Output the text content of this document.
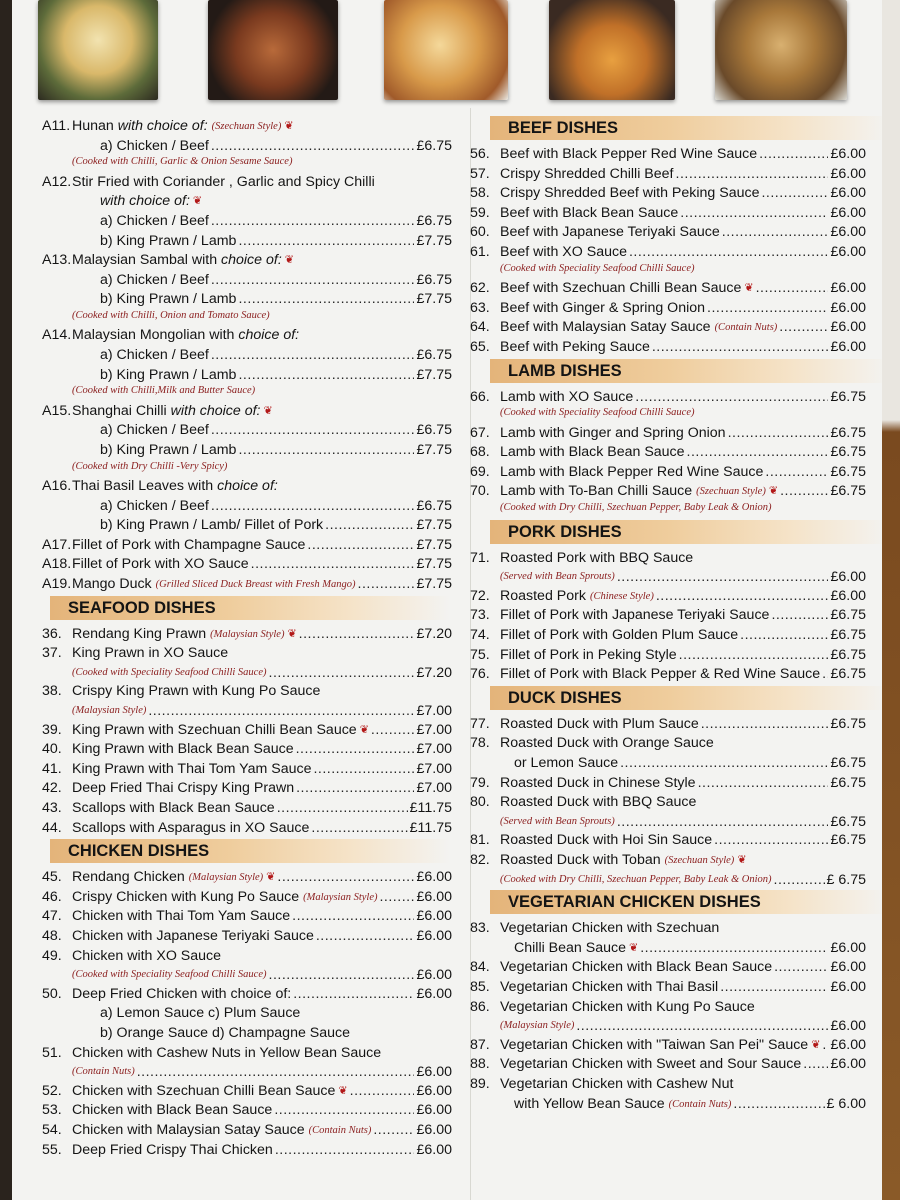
A11. Hunan with choice of: (Szechuan Style) ❦
a) Chicken / Beef .....	£6.75
(Cooked with Chilli, Garlic & Onion Sesame Sauce)
A12. Stir Fried with Coriander , Garlic and Spicy Chilli
with choice of: ❦
a) Chicken / Beef .....	£6.75
b) King Prawn / Lamb .....	£7.75
A13. Malaysian Sambal with choice of: ❦
a) Chicken / Beef .....	£6.75
b) King Prawn / Lamb .....	£7.75
(Cooked with Chilli, Onion and Tomato Sauce)
A14. Malaysian Mongolian with choice of:
a) Chicken / Beef .....	£6.75
b) King Prawn / Lamb .....	£7.75
(Cooked with Chilli,Milk and Butter Sauce)
A15. Shanghai Chilli with choice of: ❦
a) Chicken / Beef .....	£6.75
b) King Prawn / Lamb .....	£7.75
(Cooked with Dry Chilli -Very Spicy)
A16. Thai Basil Leaves with choice of:
a) Chicken / Beef .....	£6.75
b) King Prawn / Lamb/ Fillet of Pork .....	£7.75
A17. Fillet of Pork with Champagne Sauce .....	£7.75
A18. Fillet of Pork with XO Sauce .....	£7.75
A19. Mango Duck (Grilled Sliced Duck Breast with Fresh Mango) .....	£7.75
SEAFOOD DISHES
36. Rendang King Prawn (Malaysian Style) ❦ .....	£7.20
37. King Prawn in XO Sauce
(Cooked with Speciality Seafood Chilli Sauce) .....	£7.20
38. Crispy King Prawn with Kung Po Sauce
(Malaysian Style) .....	£7.00
39. King Prawn with Szechuan Chilli Bean Sauce ❦ .....	£7.00
40. King Prawn with Black Bean Sauce .....	£7.00
41. King Prawn with Thai Tom Yam Sauce .....	£7.00
42. Deep Fried Thai Crispy King Prawn .....	£7.00
43. Scallops with Black Bean Sauce .....	£11.75
44. Scallops with Asparagus in XO Sauce .....	£11.75
CHICKEN DISHES
45. Rendang Chicken (Malaysian Style) ❦ .....	£6.00
46. Crispy Chicken with Kung Po Sauce (Malaysian Style) .....	£6.00
47. Chicken with Thai Tom Yam Sauce .....	£6.00
48. Chicken with Japanese Teriyaki Sauce .....	£6.00
49. Chicken with XO Sauce
(Cooked with Speciality Seafood Chilli Sauce) .....	£6.00
50. Deep Fried Chicken with choice of: .....	£6.00
a) Lemon Sauce c) Plum Sauce
b) Orange Sauce d) Champagne Sauce
51. Chicken with Cashew Nuts in Yellow Bean Sauce
(Contain Nuts) .....	£6.00
52. Chicken with Szechuan Chilli Bean Sauce ❦ .....	£6.00
53. Chicken with Black Bean Sauce .....	£6.00
54. Chicken with Malaysian Satay Sauce (Contain Nuts) .....	£6.00
55. Deep Fried Crispy Thai Chicken .....	£6.00
BEEF DISHES
56. Beef with Black Pepper Red Wine Sauce .....	£6.00
57. Crispy Shredded Chilli Beef .....	£6.00
58. Crispy Shredded Beef with Peking Sauce .....	£6.00
59. Beef with Black Bean Sauce .....	£6.00
60. Beef with Japanese Teriyaki Sauce .....	£6.00
61. Beef with XO Sauce .....	£6.00
(Cooked with Speciality Seafood Chilli Sauce)
62. Beef with Szechuan Chilli Bean Sauce ❦ .....	£6.00
63. Beef with Ginger & Spring Onion .....	£6.00
64. Beef with Malaysian Satay Sauce (Contain Nuts) .....	£6.00
65. Beef with Peking Sauce .....	£6.00
LAMB DISHES
66. Lamb with XO Sauce .....	£6.75
(Cooked with Speciality Seafood Chilli Sauce)
67. Lamb with Ginger and Spring Onion .....	£6.75
68. Lamb with Black Bean Sauce .....	£6.75
69. Lamb with Black Pepper Red Wine Sauce .....	£6.75
70. Lamb with To-Ban Chilli Sauce (Szechuan Style) ❦ .....	£6.75
(Cooked with Dry Chilli, Szechuan Pepper, Baby Leak & Onion)
PORK DISHES
71. Roasted Pork with BBQ Sauce
(Served with Bean Sprouts) .....	£6.00
72. Roasted Pork (Chinese Style) .....	£6.00
73. Fillet of Pork with Japanese Teriyaki Sauce .....	£6.75
74. Fillet of Pork with Golden Plum Sauce .....	£6.75
75. Fillet of Pork in Peking Style .....	£6.75
76. Fillet of Pork with Black Pepper & Red Wine Sauce ..... £6.75
DUCK DISHES
77. Roasted Duck with Plum Sauce .....	£6.75
78. Roasted Duck with Orange Sauce
or Lemon Sauce .....	£6.75
79. Roasted Duck in Chinese Style .....	£6.75
80. Roasted Duck with BBQ Sauce
(Served with Bean Sprouts) .....	£6.75
81. Roasted Duck with Hoi Sin Sauce .....	£6.75
82. Roasted Duck with Toban (Szechuan Style) ❦
(Cooked with Dry Chilli, Szechuan Pepper, Baby Leak & Onion) .....	£ 6.75
VEGETARIAN CHICKEN DISHES
83. Vegetarian Chicken with Szechuan
Chilli Bean Sauce ❦ .....	£6.00
84. Vegetarian Chicken with Black Bean Sauce .....	£6.00
85. Vegetarian Chicken with Thai Basil .....	£6.00
86. Vegetarian Chicken with Kung Po Sauce
(Malaysian Style) .....	£6.00
87. Vegetarian Chicken with "Taiwan San Pei" Sauce ❦ ..... £6.00
88. Vegetarian Chicken with Sweet and Sour Sauce ..... £6.00
89. Vegetarian Chicken with Cashew Nut
with Yellow Bean Sauce (Contain Nuts) .....	£ 6.00
